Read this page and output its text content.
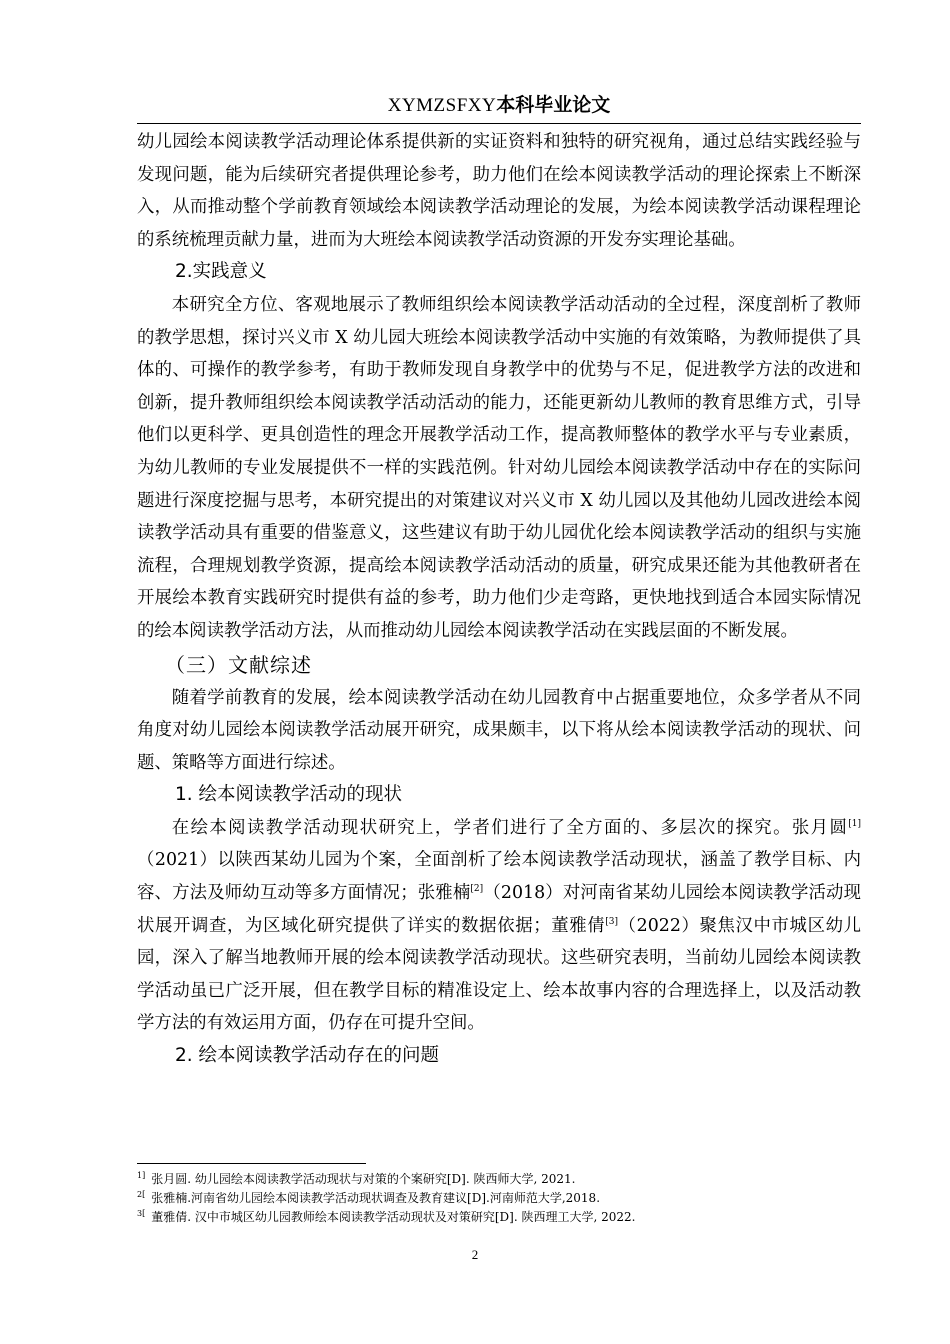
XYMZSFXY本科毕业论文

幼儿园绘本阅读教学活动理论体系提供新的实证资料和独特的研究视角，通过总结实践经验与发现问题，能为后续研究者提供理论参考，助力他们在绘本阅读教学活动的理论探索上不断深入，从而推动整个学前教育领域绘本阅读教学活动理论的发展，为绘本阅读教学活动课程理论的系统梳理贡献力量，进而为大班绘本阅读教学活动资源的开发夯实理论基础。

2.实践意义

本研究全方位、客观地展示了教师组织绘本阅读教学活动活动的全过程，深度剖析了教师的教学思想，探讨兴义市 X 幼儿园大班绘本阅读教学活动中实施的有效策略，为教师提供了具体的、可操作的教学参考，有助于教师发现自身教学中的优势与不足，促进教学方法的改进和创新，提升教师组织绘本阅读教学活动活动的能力，还能更新幼儿教师的教育思维方式，引导他们以更科学、更具创造性的理念开展教学活动工作，提高教师整体的教学水平与专业素质，为幼儿教师的专业发展提供不一样的实践范例。针对幼儿园绘本阅读教学活动中存在的实际问题进行深度挖掘与思考，本研究提出的对策建议对兴义市 X 幼儿园以及其他幼儿园改进绘本阅读教学活动具有重要的借鉴意义，这些建议有助于幼儿园优化绘本阅读教学活动的组织与实施流程，合理规划教学资源，提高绘本阅读教学活动活动的质量，研究成果还能为其他教研者在开展绘本教育实践研究时提供有益的参考，助力他们少走弯路，更快地找到适合本园实际情况的绘本阅读教学活动方法，从而推动幼儿园绘本阅读教学活动在实践层面的不断发展。

（三）文献综述

随着学前教育的发展，绘本阅读教学活动在幼儿园教育中占据重要地位，众多学者从不同角度对幼儿园绘本阅读教学活动展开研究，成果颇丰，以下将从绘本阅读教学活动的现状、问题、策略等方面进行综述。

1. 绘本阅读教学活动的现状

在绘本阅读教学活动现状研究上，学者们进行了全方面的、多层次的探究。张月圆[1]（2021）以陕西某幼儿园为个案，全面剖析了绘本阅读教学活动现状，涵盖了教学目标、内容、方法及师幼互动等多方面情况；张雅楠[2]（2018）对河南省某幼儿园绘本阅读教学活动现状展开调查，为区域化研究提供了详实的数据依据；董雅倩[3]（2022）聚焦汉中市城区幼儿园，深入了解当地教师开展的绘本阅读教学活动现状。这些研究表明，当前幼儿园绘本阅读教学活动虽已广泛开展，但在教学目标的精准设定上、绘本故事内容的合理选择上，以及活动教学方法的有效运用方面，仍存在可提升空间。

2. 绘本阅读教学活动存在的问题
$^{1]}$ 张月圆. 幼儿园绘本阅读教学活动现状与对策的个案研究[D]. 陕西师大学, 2021.
$^{2[}$ 张雅楠.河南省幼儿园绘本阅读教学活动现状调查及教育建议[D].河南师范大学,2018.
$^{3[}$ 董雅倩. 汉中市城区幼儿园教师绘本阅读教学活动现状及对策研究[D]. 陕西理工大学, 2022.
2
